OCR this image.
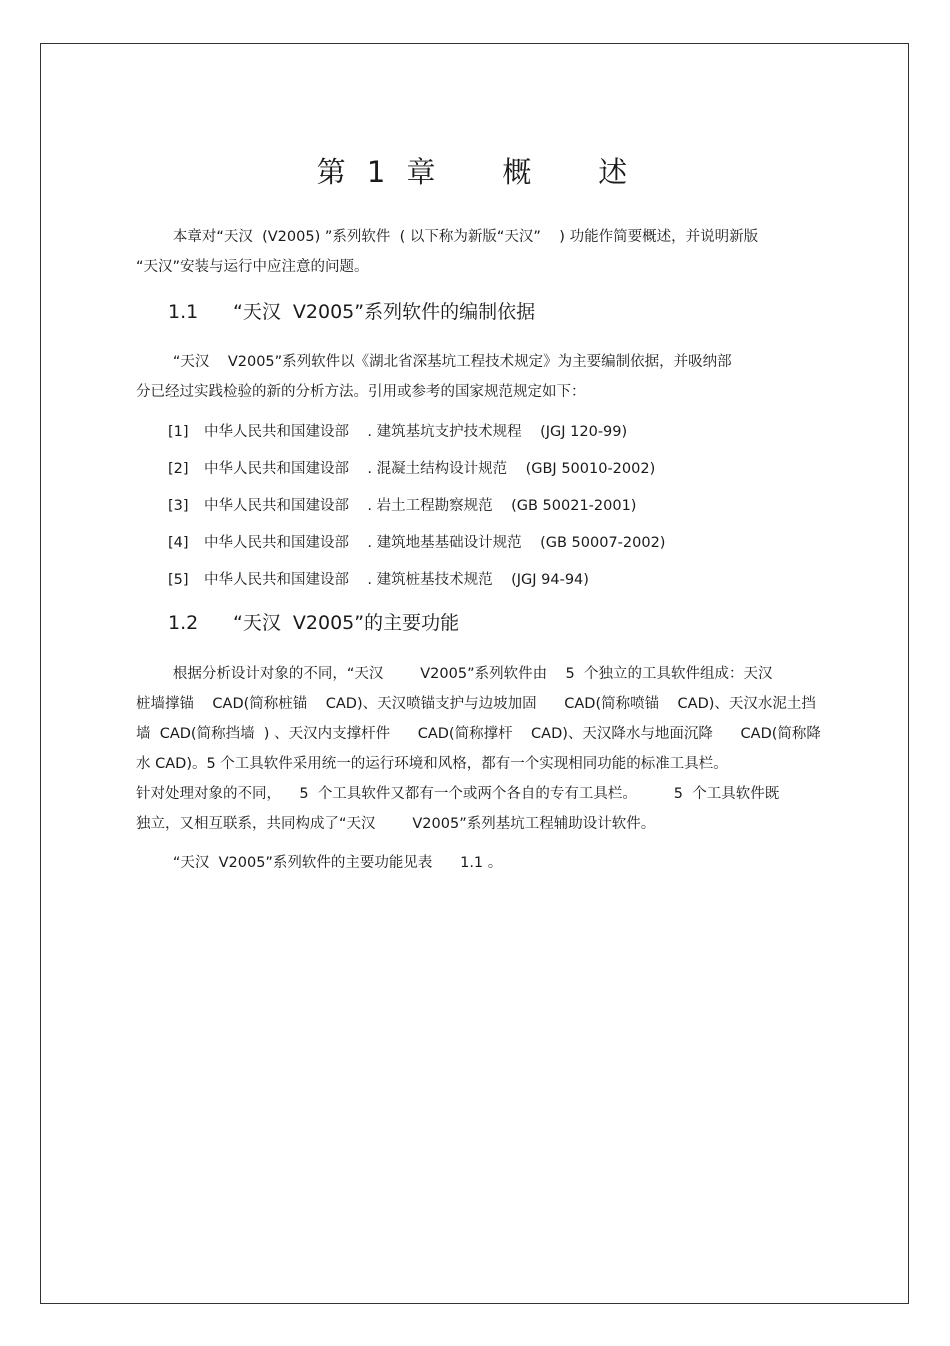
第 1 章    概    述

本章对“天汉  (V2005) ”系列软件  ( 以下称为新版“天汉”    ) 功能作简要概述，并说明新版
“天汉”安装与运行中应注意的问题。

1.1 “天汉  V2005”系列软件的编制依据

“天汉    V2005”系列软件以《湖北省深基坑工程技术规定》为主要编制依据，并吸纳部
分已经过实践检验的新的分析方法。引用或参考的国家规范规定如下：

[1] 中华人民共和国建设部    . 建筑基坑支护技术规程    (JGJ 120-99)
[2] 中华人民共和国建设部    . 混凝土结构设计规范    (GBJ 50010-2002)
[3] 中华人民共和国建设部    . 岩土工程勘察规范    (GB 50021-2001)
[4] 中华人民共和国建设部    . 建筑地基基础设计规范    (GB 50007-2002)
[5] 中华人民共和国建设部    . 建筑桩基技术规范    (JGJ 94-94)
1.2 “天汉  V2005”的主要功能

根据分析设计对象的不同，“天汉        V2005”系列软件由    5  个独立的工具软件组成：天汉
桩墙撑锚    CAD(简称桩锚    CAD)、天汉喷锚支护与边坡加固      CAD(简称喷锚    CAD)、天汉水泥土挡
墙  CAD(简称挡墙  ) 、天汉内支撑杆件      CAD(简称撑杆    CAD)、天汉降水与地面沉降      CAD(简称降
水 CAD)。5 个工具软件采用统一的运行环境和风格，都有一个实现相同功能的标准工具栏。
针对处理对象的不同，    5  个工具软件又都有一个或两个各自的专有工具栏。        5  个工具软件既
独立，又相互联系，共同构成了“天汉        V2005”系列基坑工程辅助设计软件。

“天汉  V2005”系列软件的主要功能见表      1.1 。
